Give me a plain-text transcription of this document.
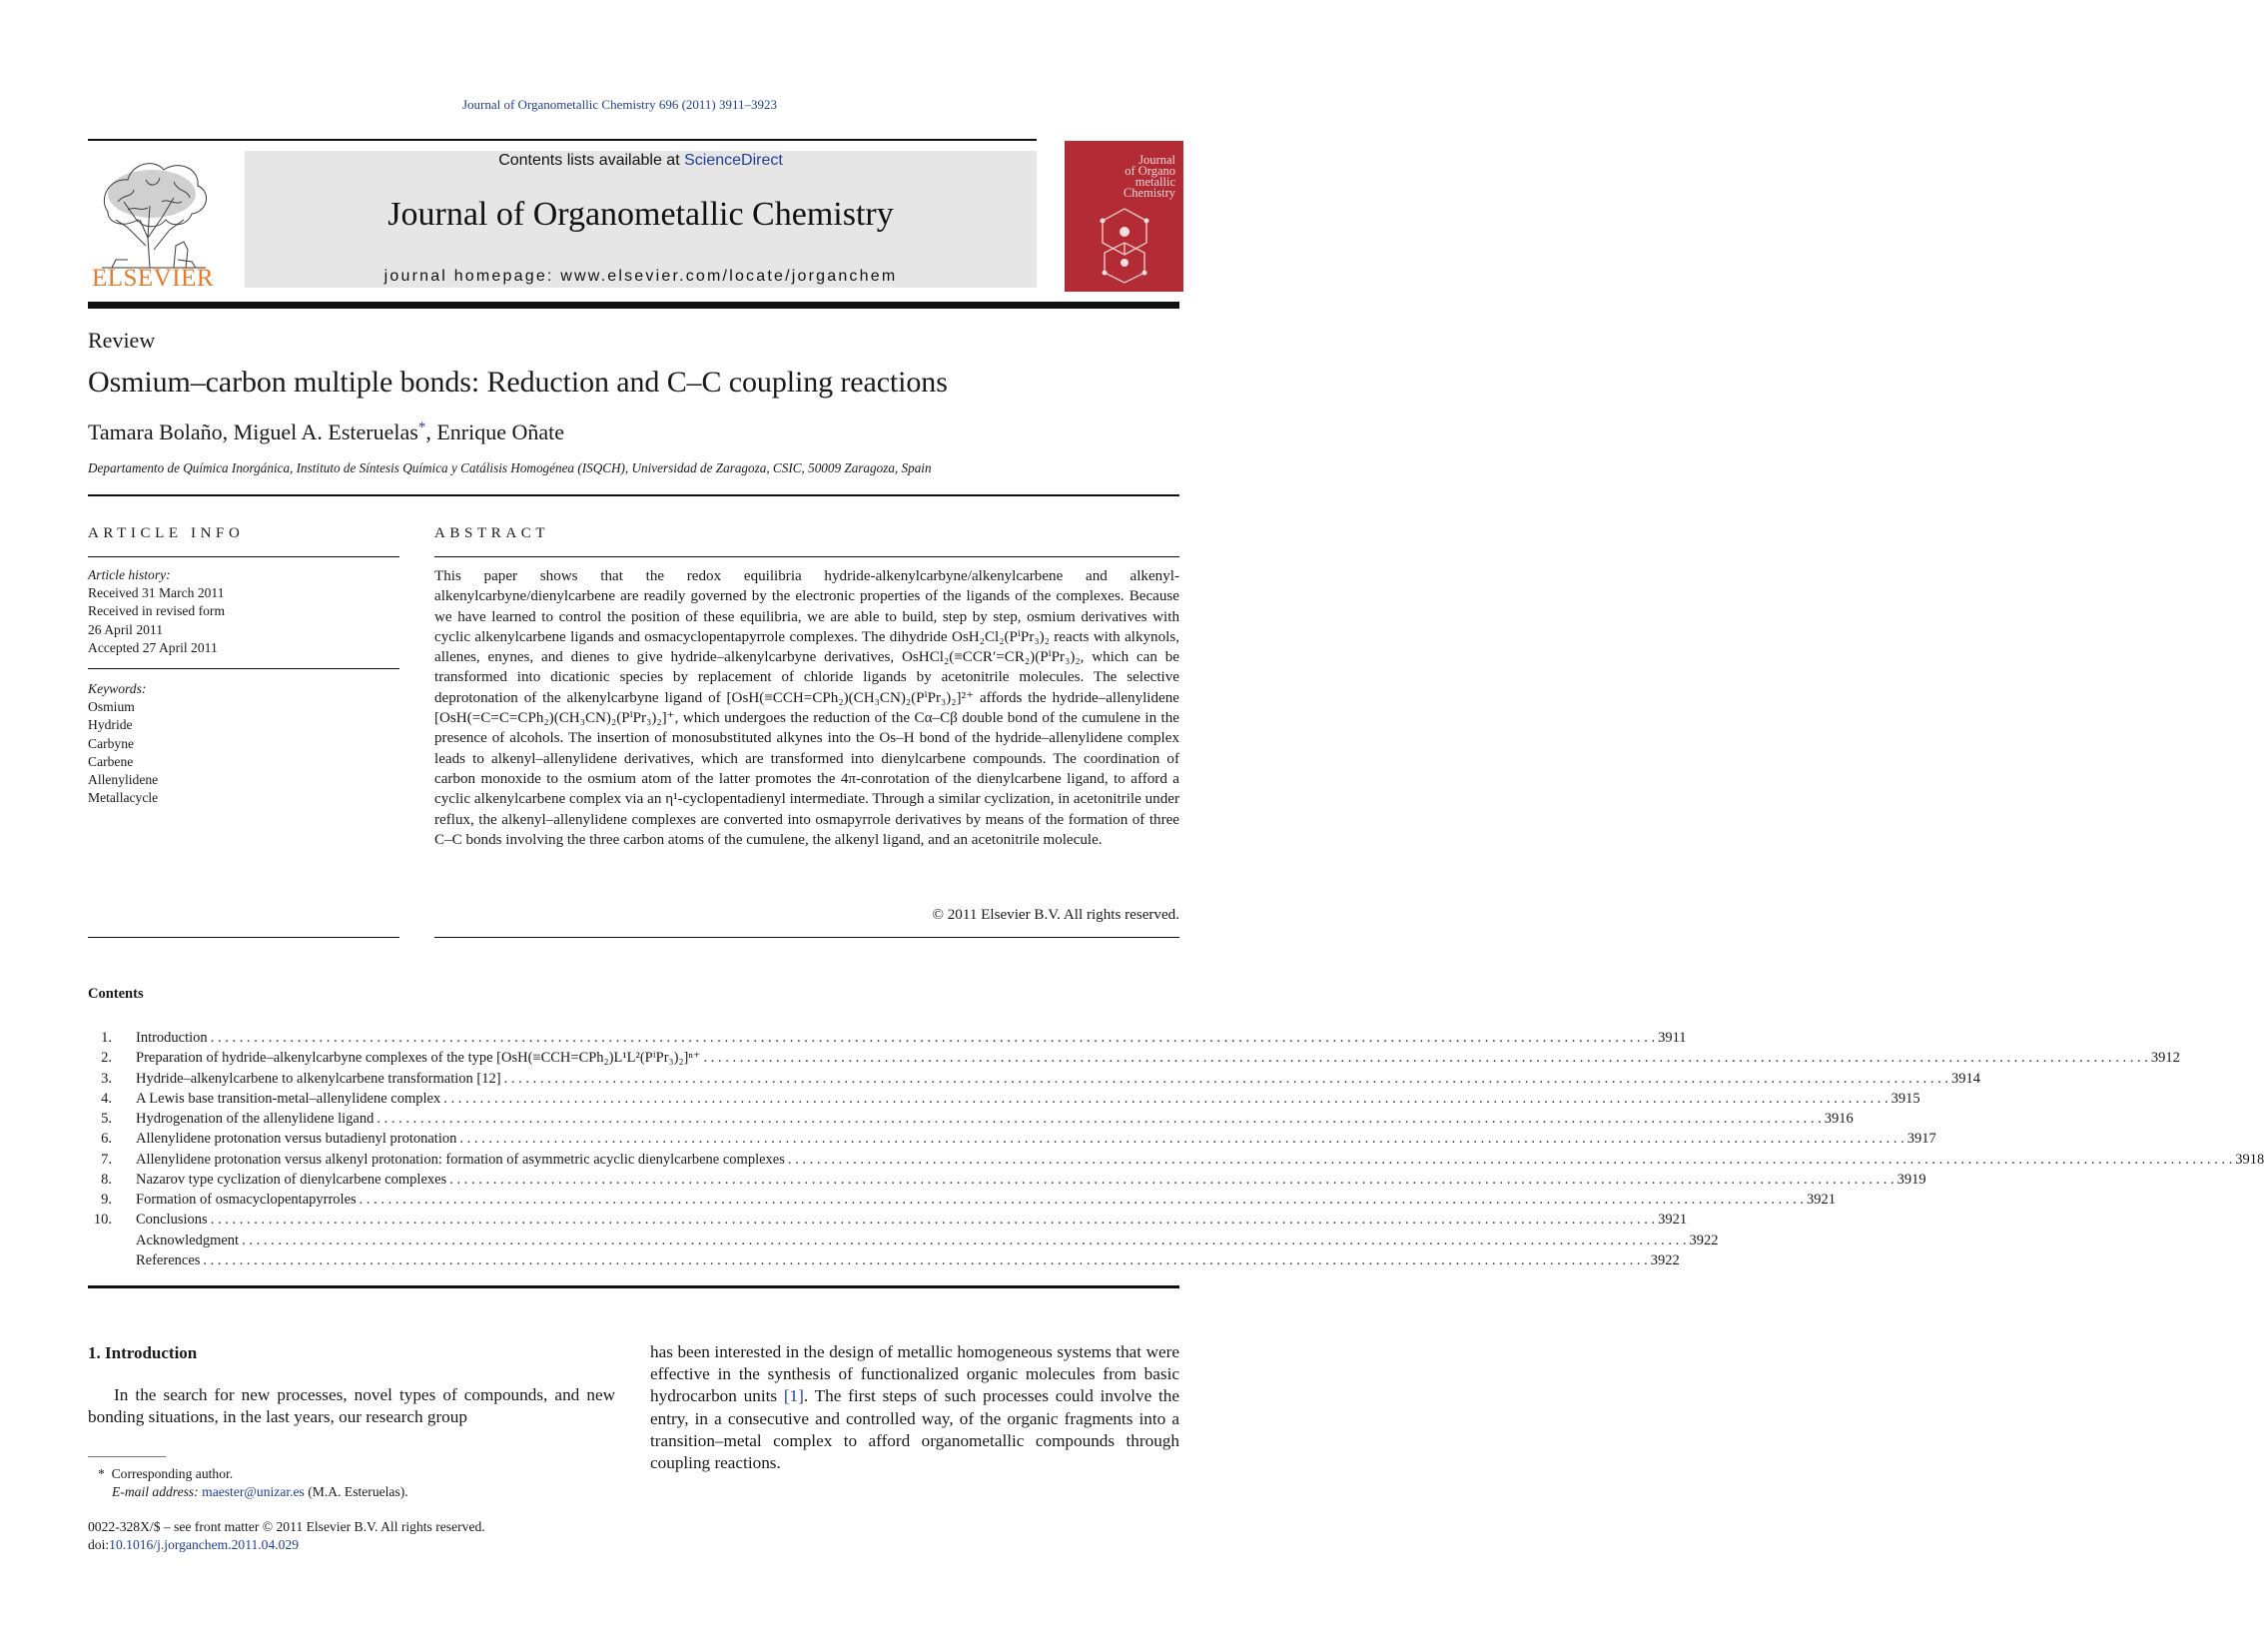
Journal of Organometallic Chemistry 696 (2011) 3911–3923
ELSEVIER
Contents lists available at ScienceDirect
Journal of Organometallic Chemistry
journal homepage: www.elsevier.com/locate/jorganchem
Journal
of Organo
metallic
Chemistry
Review
Osmium–carbon multiple bonds: Reduction and C–C coupling reactions
Tamara Bolaño, Miguel A. Esteruelas*, Enrique Oñate
Departamento de Química Inorgánica, Instituto de Síntesis Química y Catálisis Homogénea (ISQCH), Universidad de Zaragoza, CSIC, 50009 Zaragoza, Spain
ARTICLE INFO
Article history:
Received 31 March 2011
Received in revised form
26 April 2011
Accepted 27 April 2011
Keywords:
Osmium
Hydride
Carbyne
Carbene
Allenylidene
Metallacycle
ABSTRACT

This paper shows that the redox equilibria hydride-alkenylcarbyne/alkenylcarbene and alkenyl-alkenylcarbyne/dienylcarbene are readily governed by the electronic properties of the ligands of the complexes. Because we have learned to control the position of these equilibria, we are able to build, step by step, osmium derivatives with cyclic alkenylcarbene ligands and osmacyclopentapyrrole complexes. The dihydride OsH₂Cl₂(PⁱPr₃)₂ reacts with alkynols, allenes, enynes, and dienes to give hydride–alkenylcarbyne derivatives, OsHCl₂(≡CCR′=CR₂)(PⁱPr₃)₂, which can be transformed into dicationic species by replacement of chloride ligands by acetonitrile molecules. The selective deprotonation of the alkenylcarbyne ligand of [OsH(≡CCH=CPh₂)(CH₃CN)₂(PⁱPr₃)₂]²⁺ affords the hydride–allenylidene [OsH(=C=C=CPh₂)(CH₃CN)₂(PⁱPr₃)₂]⁺, which undergoes the reduction of the Cα–Cβ double bond of the cumulene in the presence of alcohols. The insertion of monosubstituted alkynes into the Os–H bond of the hydride–allenylidene complex leads to alkenyl–allenylidene derivatives, which are transformed into dienylcarbene compounds. The coordination of carbon monoxide to the osmium atom of the latter promotes the 4π-conrotation of the dienylcarbene ligand, to afford a cyclic alkenylcarbene complex via an η¹-cyclopentadienyl intermediate. Through a similar cyclization, in acetonitrile under reflux, the alkenyl–allenylidene complexes are converted into osmapyrrole derivatives by means of the formation of three C–C bonds involving the three carbon atoms of the cumulene, the alkenyl ligand, and an acetonitrile molecule.

© 2011 Elsevier B.V. All rights reserved.
Contents
1. Introduction . . . . . . . . . . . . . . . . . . . . . . . . . . . . . . . . . . . . . . . . . . . . . . . . . . . . . . . . . . . . . . . . . . . . . . . . . . . . . . . . . . . . . . . . . . . . . . . . . . . . . . . . . . . . . . . . . . . . . . . . . . . . . . . . . . . . . . . . . . . . . . . . . . . . . . . . . . . . . . . . . . . . . . . . . . . . . . . . . . . . . . . . . . . . . . . . . . . . . . . . 3911
2. Preparation of hydride–alkenylcarbyne complexes of the type [OsH(≡CCH=CPh₂)L¹L²(PⁱPr₃)₂]ⁿ⁺ . . . . . . . . . . . . . . . . . . . . . . . . . . . . . . . . . . . . . . . . . . . . . . . . . . . . . . . . . . . . . . . . . . . . . . . . . . . . . . . . . . . . . . . . . . . . . . . . . . . . . . . . . . . . . . . . . . . . . . . . . . . . . . . . . . . . . . . . . . . . . . . . . . . . . . . . . . . . . . . . . . . . . . . . . . . . . . . . . . . . . . . . . . . . . . . . . . . . . . . . 3912
3. Hydride–alkenylcarbene to alkenylcarbene transformation [12] . . . . . . . . . . . . . . . . . . . . . . . . . . . . . . . . . . . . . . . . . . . . . . . . . . . . . . . . . . . . . . . . . . . . . . . . . . . . . . . . . . . . . . . . . . . . . . . . . . . . . . . . . . . . . . . . . . . . . . . . . . . . . . . . . . . . . . . . . . . . . . . . . . . . . . . . . . . . . . . . . . . . . . . . . . . . . . . . . . . . . . . . . . . . . . . . . . . . . . . . 3914
4. A Lewis base transition-metal–allenylidene complex . . . . . . . . . . . . . . . . . . . . . . . . . . . . . . . . . . . . . . . . . . . . . . . . . . . . . . . . . . . . . . . . . . . . . . . . . . . . . . . . . . . . . . . . . . . . . . . . . . . . . . . . . . . . . . . . . . . . . . . . . . . . . . . . . . . . . . . . . . . . . . . . . . . . . . . . . . . . . . . . . . . . . . . . . . . . . . . . . . . . . . . . . . . . . . . . . . . . . . . . 3915
5. Hydrogenation of the allenylidene ligand . . . . . . . . . . . . . . . . . . . . . . . . . . . . . . . . . . . . . . . . . . . . . . . . . . . . . . . . . . . . . . . . . . . . . . . . . . . . . . . . . . . . . . . . . . . . . . . . . . . . . . . . . . . . . . . . . . . . . . . . . . . . . . . . . . . . . . . . . . . . . . . . . . . . . . . . . . . . . . . . . . . . . . . . . . . . . . . . . . . . . . . . . . . . . . . . . . . . . . . . 3916
6. Allenylidene protonation versus butadienyl protonation . . . . . . . . . . . . . . . . . . . . . . . . . . . . . . . . . . . . . . . . . . . . . . . . . . . . . . . . . . . . . . . . . . . . . . . . . . . . . . . . . . . . . . . . . . . . . . . . . . . . . . . . . . . . . . . . . . . . . . . . . . . . . . . . . . . . . . . . . . . . . . . . . . . . . . . . . . . . . . . . . . . . . . . . . . . . . . . . . . . . . . . . . . . . . . . . . . . . . . . . 3917
7. Allenylidene protonation versus alkenyl protonation: formation of asymmetric acyclic dienylcarbene complexes . . . . . . . . . . . . . . . . . . . . . . . . . . . . . . . . . . . . . . . . . . . . . . . . . . . . . . . . . . . . . . . . . . . . . . . . . . . . . . . . . . . . . . . . . . . . . . . . . . . . . . . . . . . . . . . . . . . . . . . . . . . . . . . . . . . . . . . . . . . . . . . . . . . . . . . . . . . . . . . . . . . . . . . . . . . . . . . . . . . . . . . . . . . . . . . . . . . . . . . . 3918
8. Nazarov type cyclization of dienylcarbene complexes . . . . . . . . . . . . . . . . . . . . . . . . . . . . . . . . . . . . . . . . . . . . . . . . . . . . . . . . . . . . . . . . . . . . . . . . . . . . . . . . . . . . . . . . . . . . . . . . . . . . . . . . . . . . . . . . . . . . . . . . . . . . . . . . . . . . . . . . . . . . . . . . . . . . . . . . . . . . . . . . . . . . . . . . . . . . . . . . . . . . . . . . . . . . . . . . . . . . . . . . 3919
9. Formation of osmacyclopentapyrroles . . . . . . . . . . . . . . . . . . . . . . . . . . . . . . . . . . . . . . . . . . . . . . . . . . . . . . . . . . . . . . . . . . . . . . . . . . . . . . . . . . . . . . . . . . . . . . . . . . . . . . . . . . . . . . . . . . . . . . . . . . . . . . . . . . . . . . . . . . . . . . . . . . . . . . . . . . . . . . . . . . . . . . . . . . . . . . . . . . . . . . . . . . . . . . . . . . . . . . . . 3921
10. Conclusions . . . . . . . . . . . . . . . . . . . . . . . . . . . . . . . . . . . . . . . . . . . . . . . . . . . . . . . . . . . . . . . . . . . . . . . . . . . . . . . . . . . . . . . . . . . . . . . . . . . . . . . . . . . . . . . . . . . . . . . . . . . . . . . . . . . . . . . . . . . . . . . . . . . . . . . . . . . . . . . . . . . . . . . . . . . . . . . . . . . . . . . . . . . . . . . . . . . . . . . . 3921
Acknowledgment . . . . . . . . . . . . . . . . . . . . . . . . . . . . . . . . . . . . . . . . . . . . . . . . . . . . . . . . . . . . . . . . . . . . . . . . . . . . . . . . . . . . . . . . . . . . . . . . . . . . . . . . . . . . . . . . . . . . . . . . . . . . . . . . . . . . . . . . . . . . . . . . . . . . . . . . . . . . . . . . . . . . . . . . . . . . . . . . . . . . . . . . . . . . . . . . . . . . . . . . 3922
References . . . . . . . . . . . . . . . . . . . . . . . . . . . . . . . . . . . . . . . . . . . . . . . . . . . . . . . . . . . . . . . . . . . . . . . . . . . . . . . . . . . . . . . . . . . . . . . . . . . . . . . . . . . . . . . . . . . . . . . . . . . . . . . . . . . . . . . . . . . . . . . . . . . . . . . . . . . . . . . . . . . . . . . . . . . . . . . . . . . . . . . . . . . . . . . . . . . . . . . . 3922
1. Introduction

In the search for new processes, novel types of compounds, and new bonding situations, in the last years, our research group

has been interested in the design of metallic homogeneous systems that were effective in the synthesis of functionalized organic molecules from basic hydrocarbon units [1]. The first steps of such processes could involve the entry, in a consecutive and controlled way, of the organic fragments into a transition–metal complex to afford organometallic compounds through coupling reactions.

* Corresponding author.
E-mail address: maester@unizar.es (M.A. Esteruelas).
0022-328X/$ – see front matter © 2011 Elsevier B.V. All rights reserved.
doi:10.1016/j.jorganchem.2011.04.029
